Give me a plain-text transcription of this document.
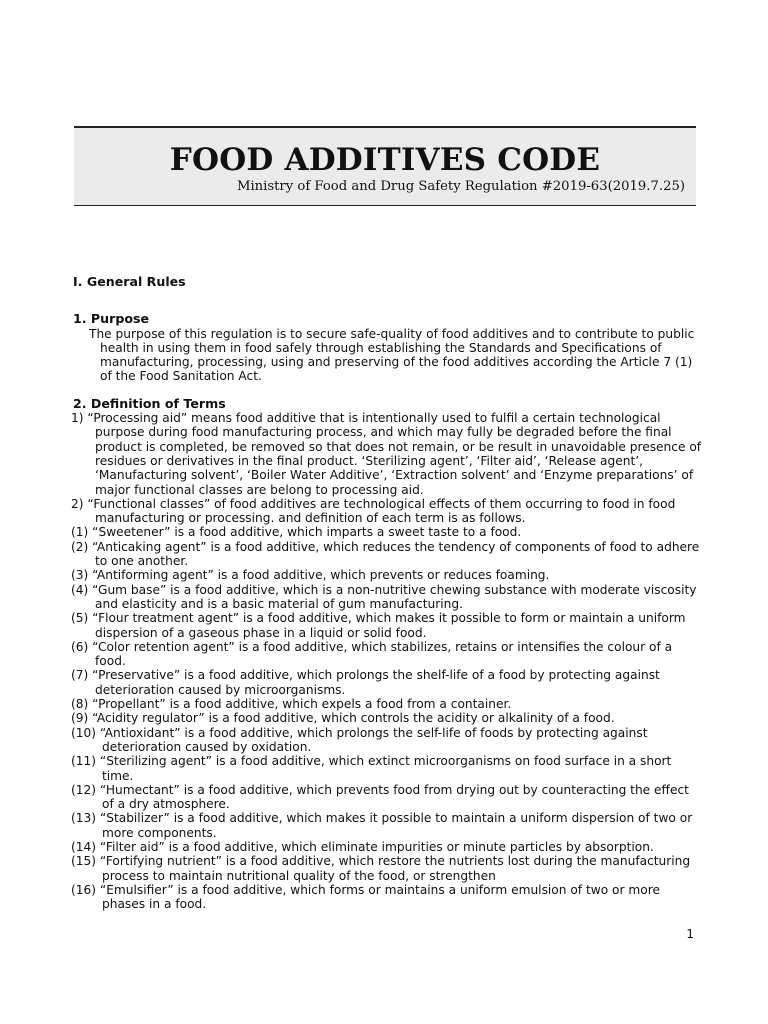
FOOD ADDITIVES CODE
Ministry of Food and Drug Safety Regulation #2019-63(2019.7.25)

I. General Rules

1. Purpose

The purpose of this regulation is to secure safe-quality of food additives and to contribute to public health in using them in food safely through establishing the Standards and Specifications of manufacturing, processing, using and preserving of the food additives according the Article 7 (1) of the Food Sanitation Act.

2. Definition of Terms

1) “Processing aid” means food additive that is intentionally used to fulfil a certain technological purpose during food manufacturing process, and which may fully be degraded before the final product is completed, be removed so that does not remain, or be result in unavoidable presence of residues or derivatives in the final product. ‘Sterilizing agent’, ‘Filter aid’, ‘Release agent’, ‘Manufacturing solvent’, ‘Boiler Water Additive’, ‘Extraction solvent’ and ‘Enzyme preparations’ of major functional classes are belong to processing aid.

2) “Functional classes” of food additives are technological effects of them occurring to food in food manufacturing or processing. and definition of each term is as follows.

(1) “Sweetener” is a food additive, which imparts a sweet taste to a food.

(2) “Anticaking agent” is a food additive, which reduces the tendency of components of food to adhere to one another.

(3) “Antiforming agent” is a food additive, which prevents or reduces foaming.

(4) “Gum base” is a food additive, which is a non-nutritive chewing substance with moderate viscosity and elasticity and is a basic material of gum manufacturing.

(5) “Flour treatment agent” is a food additive, which makes it possible to form or maintain a uniform dispersion of a gaseous phase in a liquid or solid food.

(6) “Color retention agent” is a food additive, which stabilizes, retains or intensifies the colour of a food.

(7) “Preservative” is a food additive, which prolongs the shelf-life of a food by protecting against deterioration caused by microorganisms.

(8) “Propellant” is a food additive, which expels a food from a container.

(9) “Acidity regulator” is a food additive, which controls the acidity or alkalinity of a food.

(10) “Antioxidant” is a food additive, which prolongs the self-life of foods by protecting against deterioration caused by oxidation.

(11) “Sterilizing agent” is a food additive, which extinct microorganisms on food surface in a short time.

(12) “Humectant” is a food additive, which prevents food from drying out by counteracting the effect of a dry atmosphere.

(13) “Stabilizer” is a food additive, which makes it possible to maintain a uniform dispersion of two or more components.

(14) “Filter aid” is a food additive, which eliminate impurities or minute particles by absorption.

(15) “Fortifying nutrient” is a food additive, which restore the nutrients lost during the manufacturing process to maintain nutritional quality of the food, or strengthen

(16) “Emulsifier” is a food additive, which forms or maintains a uniform emulsion of two or more phases in a food.

1
